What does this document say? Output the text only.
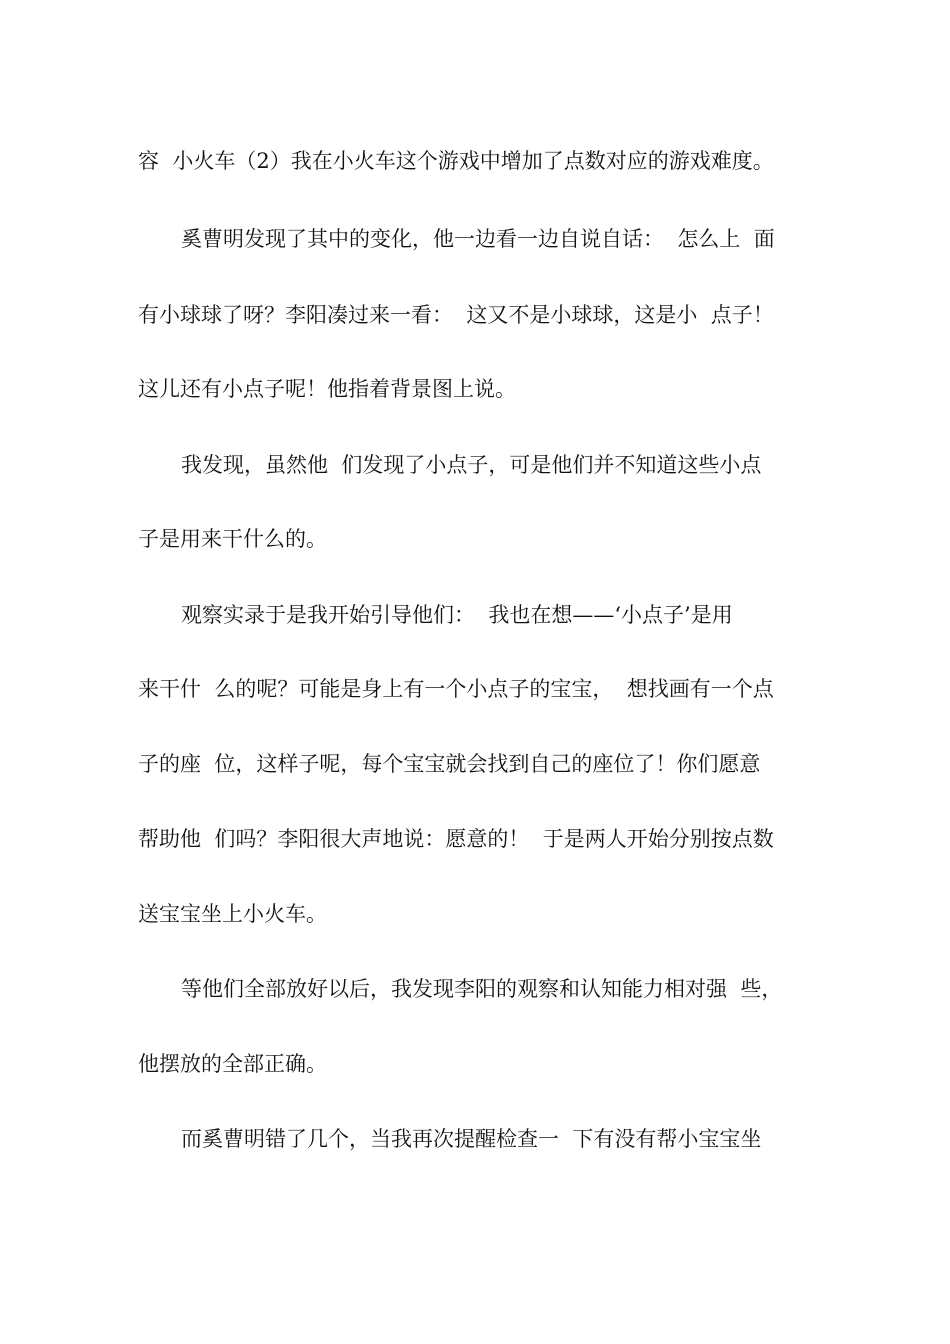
容  小火车（2）我在小火车这个游戏中增加了点数对应的游戏难度。
奚曹明发现了其中的变化，他一边看一边自说自话：  怎么上  面
有小球球了呀？李阳凑过来一看：  这又不是小球球，这是小  点子！
这儿还有小点子呢！他指着背景图上说。
我发现，虽然他  们发现了小点子，可是他们并不知道这些小点
子是用来干什么的。
观察实录于是我开始引导他们：  我也在想——‘小点子’是用
来干什  么的呢？可能是身上有一个小点子的宝宝，  想找画有一个点
子的座  位，这样子呢，每个宝宝就会找到自己的座位了！你们愿意
帮助他  们吗？李阳很大声地说：愿意的！  于是两人开始分别按点数
送宝宝坐上小火车。
等他们全部放好以后，我发现李阳的观察和认知能力相对强  些，
他摆放的全部正确。
而奚曹明错了几个，当我再次提醒检查一  下有没有帮小宝宝坐
